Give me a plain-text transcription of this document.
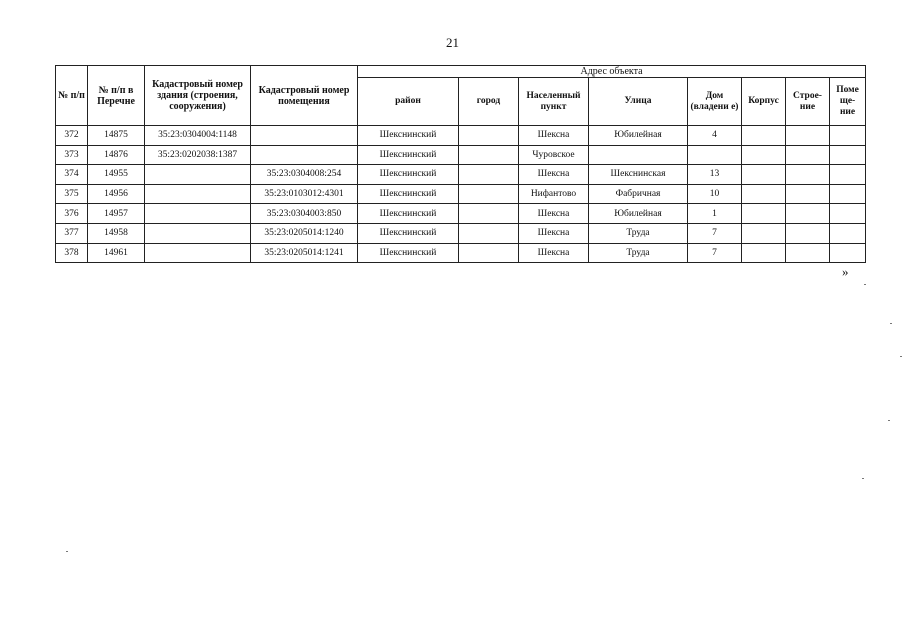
21
№ п/п	№ п/п в Перечне	Кадастровый номер здания (строения, сооружения)	Кадастровый номер помещения	Адрес объекта							
				район	город	Населенный пункт	Улица	Дом (владени е)	Корпус	Строе- ние	Поме ще- ние
372	14875	35:23:0304004:1148		Шекснинский		Шексна	Юбилейная	4			
373	14876	35:23:0202038:1387		Шекснинский		Чуровское					
374	14955		35:23:0304008:254	Шекснинский		Шексна	Шекснинская	13			
375	14956		35:23:0103012:4301	Шекснинский		Нифантово	Фабричная	10			
376	14957		35:23:0304003:850	Шекснинский		Шексна	Юбилейная	1			
377	14958		35:23:0205014:1240	Шекснинский		Шексна	Труда	7			
378	14961		35:23:0205014:1241	Шекснинский		Шексна	Труда	7			
»
